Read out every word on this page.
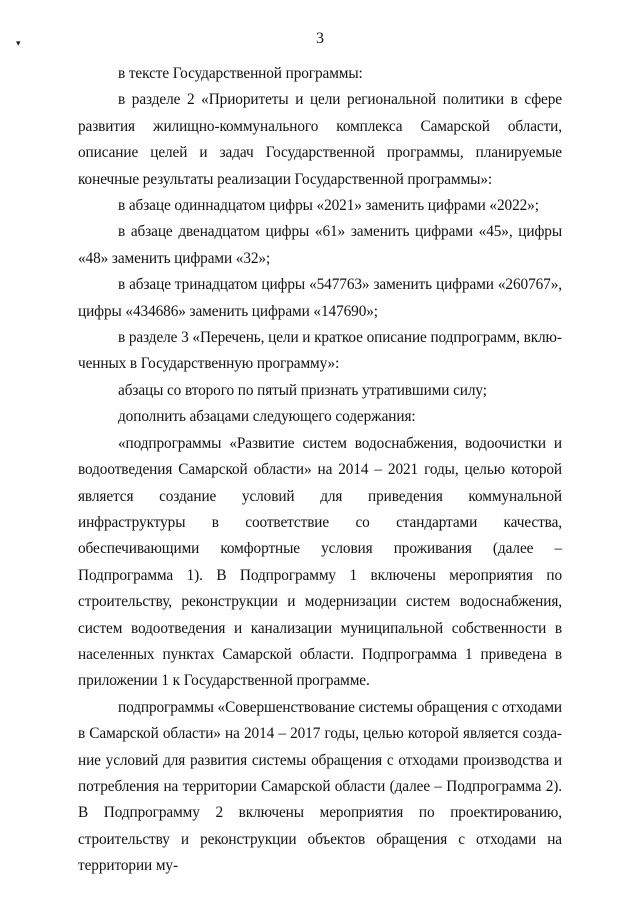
▾	3

в тексте Государственной программы:

в разделе 2 «Приоритеты и цели региональной политики в сфере развития жилищно-коммунального комплекса Самарской области, описание целей и задач Государственной программы, планируемые конечные результаты реализации Государственной программы»:

в абзаце одиннадцатом цифры «2021» заменить цифрами «2022»;

в абзаце двенадцатом цифры «61» заменить цифрами «45», цифры «48» заменить цифрами «32»;

в абзаце тринадцатом цифры «547763» заменить цифрами «260767», цифры «434686» заменить цифрами «147690»;

в разделе 3 «Перечень, цели и краткое описание подпрограмм, включенных в Государственную программу»:

абзацы со второго по пятый признать утратившими силу;

дополнить абзацами следующего содержания:

«подпрограммы «Развитие систем водоснабжения, водоочистки и водоотведения Самарской области» на 2014 – 2021 годы, целью которой является создание условий для приведения коммунальной инфраструктуры в соответствие со стандартами качества, обеспечивающими комфортные условия проживания (далее – Подпрограмма 1). В Подпрограмму 1 включены мероприятия по строительству, реконструкции и модернизации систем водоснабжения, систем водоотведения и канализации муниципальной собственности в населенных пунктах Самарской области. Подпрограмма 1 приведена в приложении 1 к Государственной программе.

подпрограммы «Совершенствование системы обращения с отходами в Самарской области» на 2014 – 2017 годы, целью которой является создание условий для развития системы обращения с отходами производства и потребления на территории Самарской области (далее – Подпрограмма 2). В Подпрограмму 2 включены мероприятия по проектированию, строительству и реконструкции объектов обращения с отходами на территории му-
